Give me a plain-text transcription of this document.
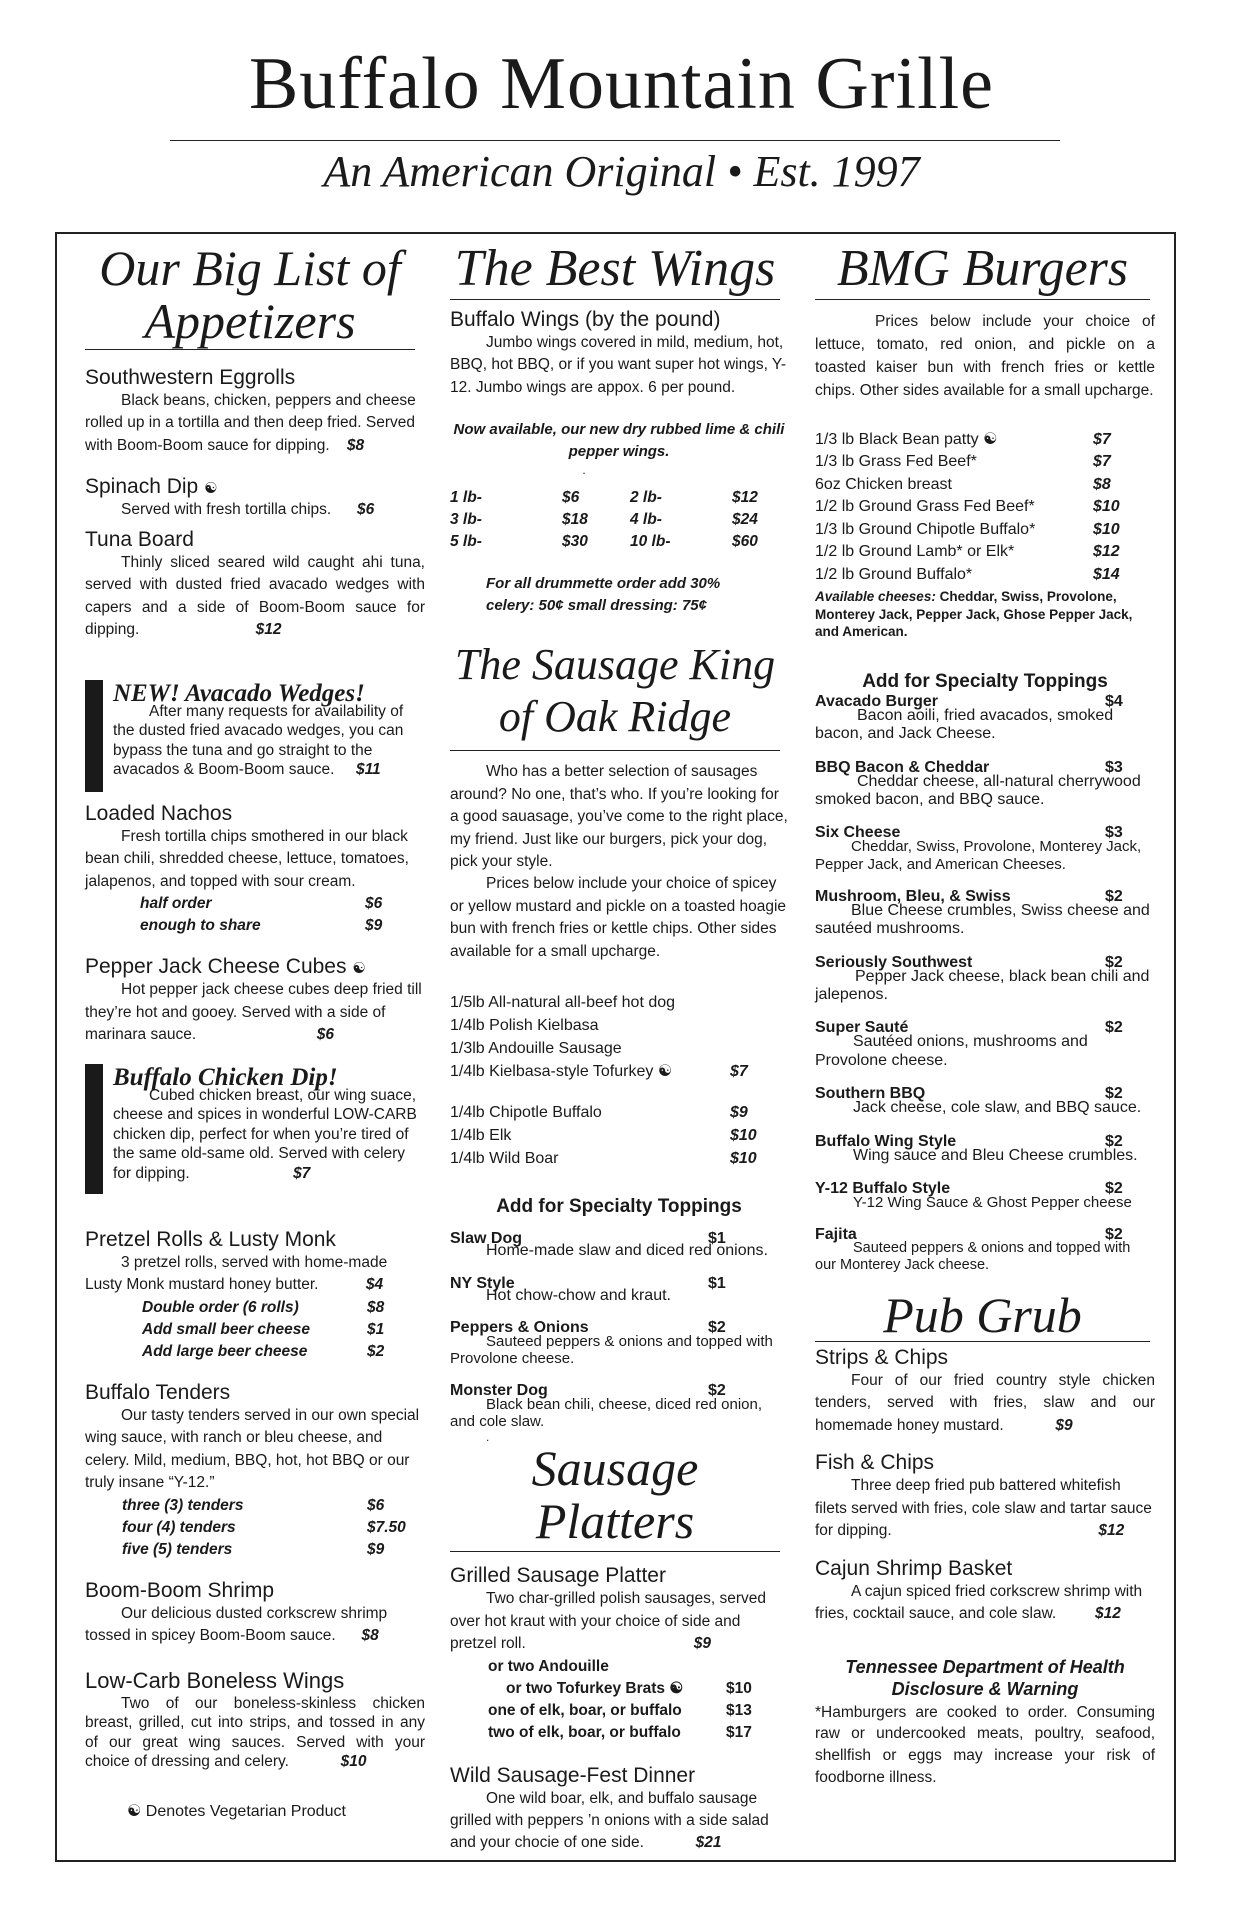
Buffalo Mountain Grille
An American Original • Est. 1997
Our Big List of
Appetizers
Southwestern Eggrolls

Black beans, chicken, peppers and cheese rolled up in a tortilla and then deep fried. Served with Boom-Boom sauce for dipping. $8

Spinach Dip ☯

Served with fresh tortilla chips. $6

Tuna Board

Thinly sliced seared wild caught ahi tuna, served with dusted fried avacado wedges with capers and a side of Boom-Boom sauce for dipping.	$12

NEW! Avacado Wedges!

After many requests for availability of the dusted fried avacado wedges, you can bypass the tuna and go straight to the avacados & Boom-Boom sauce. $11

Loaded Nachos

Fresh tortilla chips smothered in our black bean chili, shredded cheese, lettuce, tomatoes, jalapenos, and topped with sour cream.

half order	$6
enough to share	$9
Pepper Jack Cheese Cubes ☯

Hot pepper jack cheese cubes deep fried till they’re hot and gooey. Served with a side of marinara sauce.	$6

Buffalo Chicken Dip!

Cubed chicken breast, our wing suace, cheese and spices in wonderful LOW-CARB chicken dip, perfect for when you’re tired of the same old-same old. Served with celery for dipping.	$7

Pretzel Rolls & Lusty Monk

3 pretzel rolls, served with home-made Lusty Monk mustard honey butter.	$4

Double order (6 rolls)	$8
Add small beer cheese	$1
Add large beer cheese	$2
Buffalo Tenders

Our tasty tenders served in our own special wing sauce, with ranch or bleu cheese, and celery. Mild, medium, BBQ, hot, hot BBQ or our truly insane “Y-12.”

three (3) tenders	$6
four (4) tenders	$7.50
five (5) tenders	$9
Boom-Boom Shrimp

Our delicious dusted corkscrew shrimp tossed in spicey Boom-Boom sauce. $8

Low-Carb Boneless Wings

Two of our boneless-skinless chicken breast, grilled, cut into strips, and tossed in any of our great wing sauces. Served with your choice of dressing and celery.	$10

☯ Denotes Vegetarian Product
The Best Wings
Buffalo Wings (by the pound)

Jumbo wings covered in mild, medium, hot, BBQ, hot BBQ, or if you want super hot wings, Y-12. Jumbo wings are appox. 6 per pound.

Now available, our new dry rubbed lime & chili pepper wings.
.
1 lb-	$6	2 lb-	$12
3 lb-	$18	4 lb-	$24
5 lb-	$30	10 lb-	$60
For all drummette order add 30%
celery: 50¢ small dressing: 75¢
The Sausage King
of Oak Ridge

Who has a better selection of sausages around? No one, that’s who. If you’re looking for a good sauasage, you’ve come to the right place, my friend. Just like our burgers, pick your dog, pick your style.

Prices below include your choice of spicey or yellow mustard and pickle on a toasted hoagie bun with french fries or kettle chips. Other sides available for a small upcharge.

1/5lb All-natural all-beef hot dog
1/4lb Polish Kielbasa
1/3lb Andouille Sausage
1/4lb Kielbasa-style Tofurkey ☯	$7
1/4lb Chipotle Buffalo	$9
1/4lb Elk	$10
1/4lb Wild Boar	$10
Add for Specialty Toppings
Slaw Dog	$1
Home-made slaw and diced red onions.
NY Style	$1
Hot chow-chow and kraut.
Peppers & Onions	$2
Sauteed peppers & onions and topped with Provolone cheese.
Monster Dog	$2
Black bean chili, cheese, diced red onion, and cole slaw.
.
Sausage Platters
Grilled Sausage Platter

Two char-grilled polish sausages, served over hot kraut with your choice of side and pretzel roll.	$9

or two Andouille
or two Tofurkey Brats ☯	$10
one of elk, boar, or buffalo	$13
two of elk, boar, or buffalo	$17
Wild Sausage-Fest Dinner

One wild boar, elk, and buffalo sausage grilled with peppers ’n onions with a side salad and your chocie of one side.	$21

BMG Burgers

Prices below include your choice of lettuce, tomato, red onion, and pickle on a toasted kaiser bun with french fries or kettle chips. Other sides available for a small upcharge.

1/3 lb Black Bean patty ☯	$7
1/3 lb Grass Fed Beef*	$7
6oz Chicken breast	$8
1/2 lb Ground Grass Fed Beef*	$10
1/3 lb Ground Chipotle Buffalo*	$10
1/2 lb Ground Lamb* or Elk*	$12
1/2 lb Ground Buffalo*	$14
Available cheeses: Cheddar, Swiss, Provolone, Monterey Jack, Pepper Jack, Ghose Pepper Jack, and American.
Add for Specialty Toppings
Avacado Burger	$4
Bacon aoili, fried avacados, smoked bacon, and Jack Cheese.
BBQ Bacon & Cheddar	$3
Cheddar cheese, all-natural cherrywood smoked bacon, and BBQ sauce.
Six Cheese	$3
Cheddar, Swiss, Provolone, Monterey Jack, Pepper Jack, and American Cheeses.
Mushroom, Bleu, & Swiss	$2
Blue Cheese crumbles, Swiss cheese and sautéed mushrooms.
Seriously Southwest	$2
Pepper Jack cheese, black bean chili and jalepenos.
Super Sauté	$2
Sautéed onions, mushrooms and Provolone cheese.
Southern BBQ	$2
Jack cheese, cole slaw, and BBQ sauce.
Buffalo Wing Style	$2
Wing sauce and Bleu Cheese crumbles.
Y-12 Buffalo Style	$2
Y-12 Wing Sauce & Ghost Pepper cheese
Fajita	$2
Sauteed peppers & onions and topped with our Monterey Jack cheese.
Pub Grub
Strips & Chips

Four of our fried country style chicken tenders, served with fries, slaw and our homemade honey mustard.	$9

Fish & Chips

Three deep fried pub battered whitefish filets served with fries, cole slaw and tartar sauce for dipping.	$12

Cajun Shrimp Basket

A cajun spiced fried corkscrew shrimp with fries, cocktail sauce, and cole slaw.	$12

Tennessee Department of Health
Disclosure & Warning

*Hamburgers are cooked to order. Consuming raw or undercooked meats, poultry, seafood, shellfish or eggs may increase your risk of foodborne illness.
